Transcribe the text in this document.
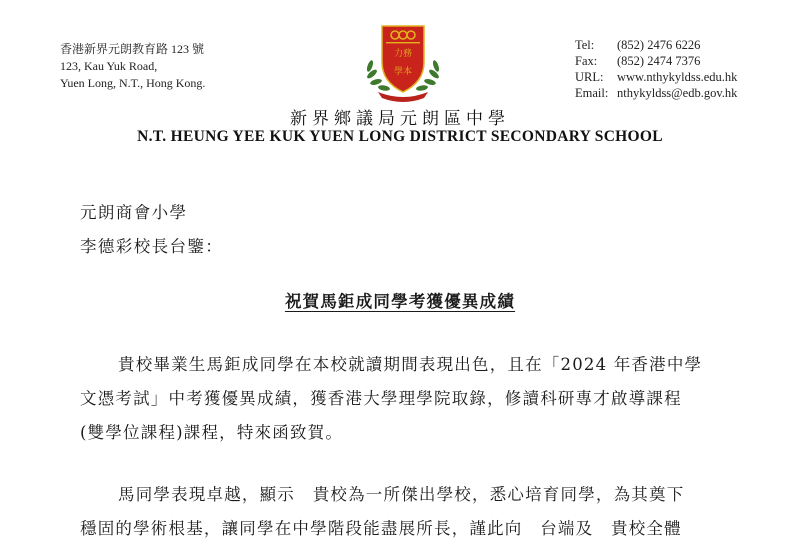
香港新界元朗教育路 123 號
123, Kau Yuk Road,
Yuen Long, N.T., Hong Kong.
力務
學本
Tel:	(852) 2476 6226
Fax:	(852) 2474 7376
URL:	www.nthykyldss.edu.hk
Email: nthykyldss@edb.gov.hk
新界鄉議局元朗區中學
N.T. HEUNG YEE KUK YUEN LONG DISTRICT SECONDARY SCHOOL
元朗商會小學
李德彩校長台鑒：
祝賀馬鉅成同學考獲優異成績
貴校畢業生馬鉅成同學在本校就讀期間表現出色，且在「2024 年香港中學
文憑考試」中考獲優異成績，獲香港大學理學院取錄，修讀科研專才啟導課程
(雙學位課程)課程，特來函致賀。
馬同學表現卓越，顯示　貴校為一所傑出學校，悉心培育同學，為其奠下
穩固的學術根基，讓同學在中學階段能盡展所長，謹此向　台端及　貴校全體
